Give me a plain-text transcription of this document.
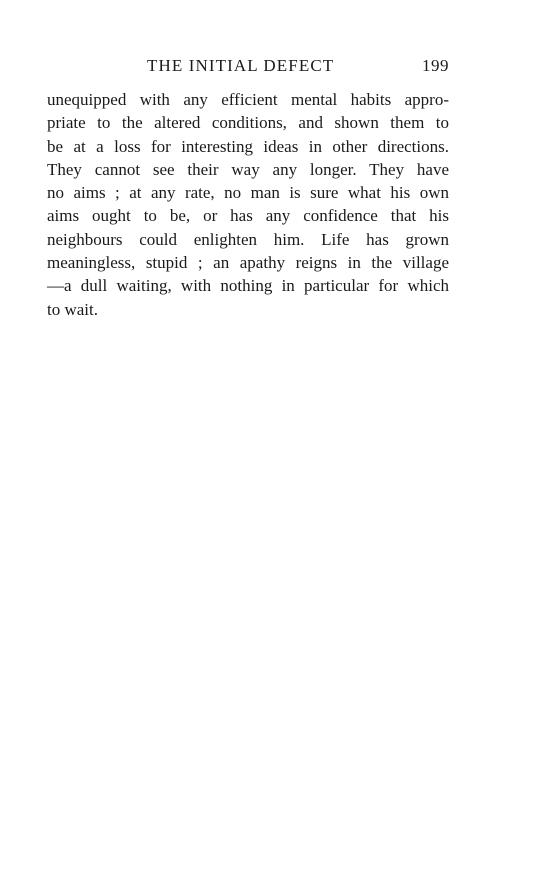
THE INITIAL DEFECT	199
unequipped with any efficient mental habits appro-
priate to the altered conditions, and shown them to
be at a loss for interesting ideas in other directions.
They cannot see their way any longer. They have
no aims ; at any rate, no man is sure what his own
aims ought to be, or has any confidence that his
neighbours could enlighten him. Life has grown
meaningless, stupid ; an apathy reigns in the village
—a dull waiting, with nothing in particular for which
to wait.
